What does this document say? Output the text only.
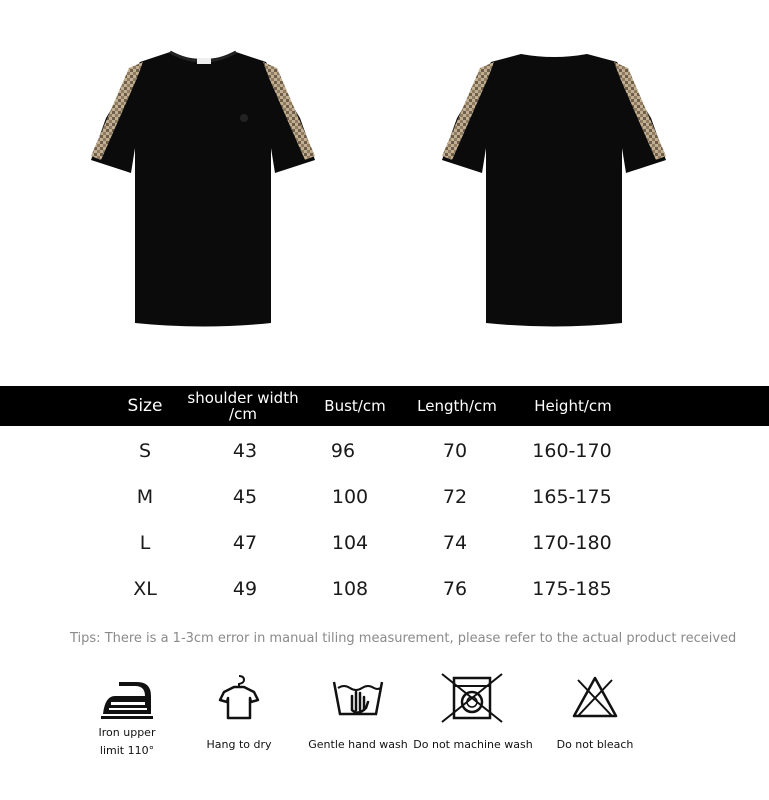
Size	shoulder width /cm	Bust/cm	Length/cm	Height/cm
S	43	96	70	160-170
M	45	100	72	165-175
L	47	104	74	170-180
XL	49	108	76	175-185
Tips: There is a 1-3cm error in manual tiling measurement, please refer to the actual product received
Iron upper
limit 110°	Hang to dry	Gentle hand wash Do not machine wash	Do not bleach
